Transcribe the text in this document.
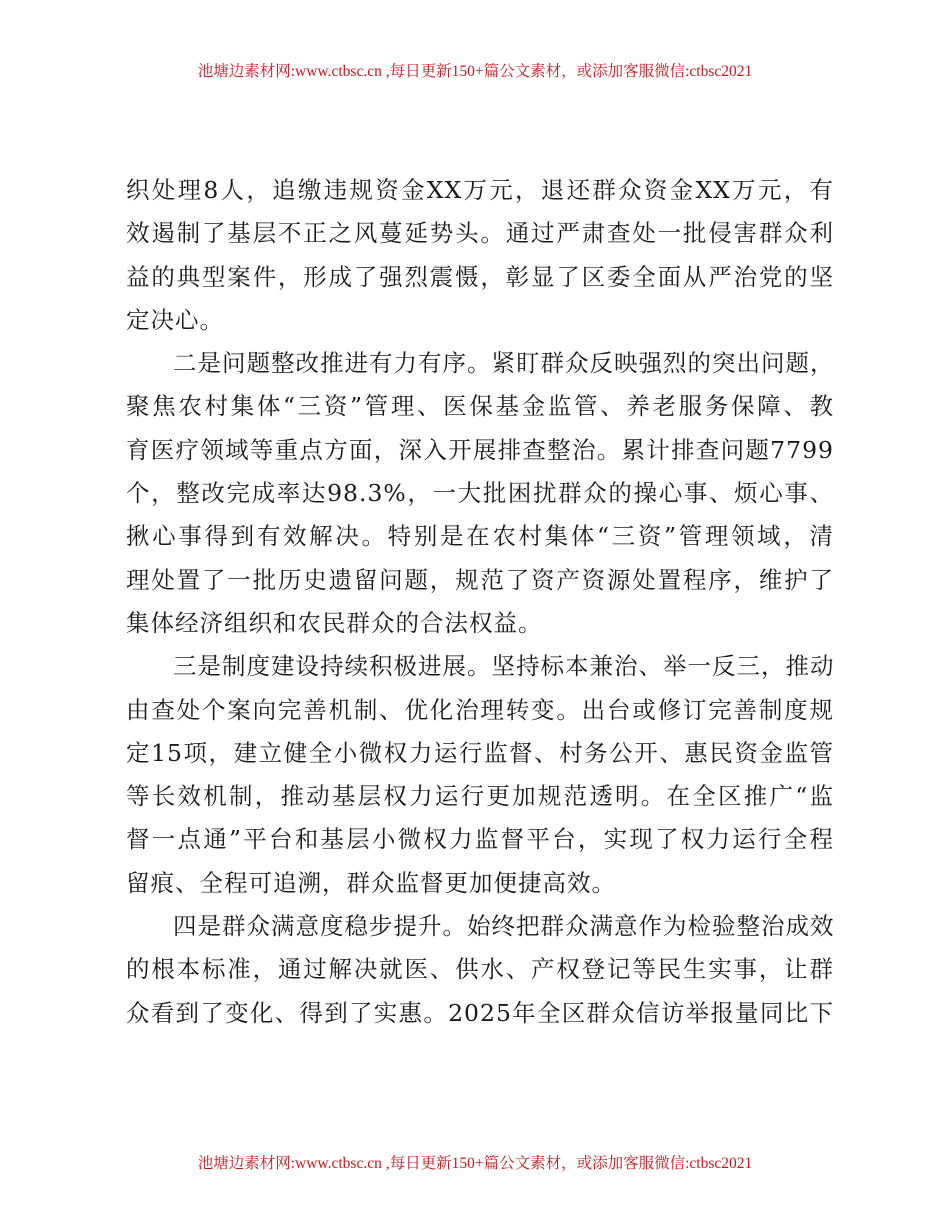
池塘边素材网:www.ctbsc.cn ,每日更新150+篇公文素材，或添加客服微信:ctbsc2021

织处理8人，追缴违规资金XX万元，退还群众资金XX万元，有
效遏制了基层不正之风蔓延势头。通过严肃查处一批侵害群众利
益的典型案件，形成了强烈震慑，彰显了区委全面从严治党的坚
定决心。

二是问题整改推进有力有序。紧盯群众反映强烈的突出问题，
聚焦农村集体“三资”管理、医保基金监管、养老服务保障、教
育医疗领域等重点方面，深入开展排查整治。累计排查问题7799
个，整改完成率达98.3%，一大批困扰群众的操心事、烦心事、
揪心事得到有效解决。特别是在农村集体“三资”管理领域，清
理处置了一批历史遗留问题，规范了资产资源处置程序，维护了
集体经济组织和农民群众的合法权益。

三是制度建设持续积极进展。坚持标本兼治、举一反三，推动
由查处个案向完善机制、优化治理转变。出台或修订完善制度规
定15项，建立健全小微权力运行监督、村务公开、惠民资金监管
等长效机制，推动基层权力运行更加规范透明。在全区推广“监
督一点通”平台和基层小微权力监督平台，实现了权力运行全程
留痕、全程可追溯，群众监督更加便捷高效。

四是群众满意度稳步提升。始终把群众满意作为检验整治成效
的根本标准，通过解决就医、供水、产权登记等民生实事，让群
众看到了变化、得到了实惠。2025年全区群众信访举报量同比下

池塘边素材网:www.ctbsc.cn ,每日更新150+篇公文素材，或添加客服微信:ctbsc2021
